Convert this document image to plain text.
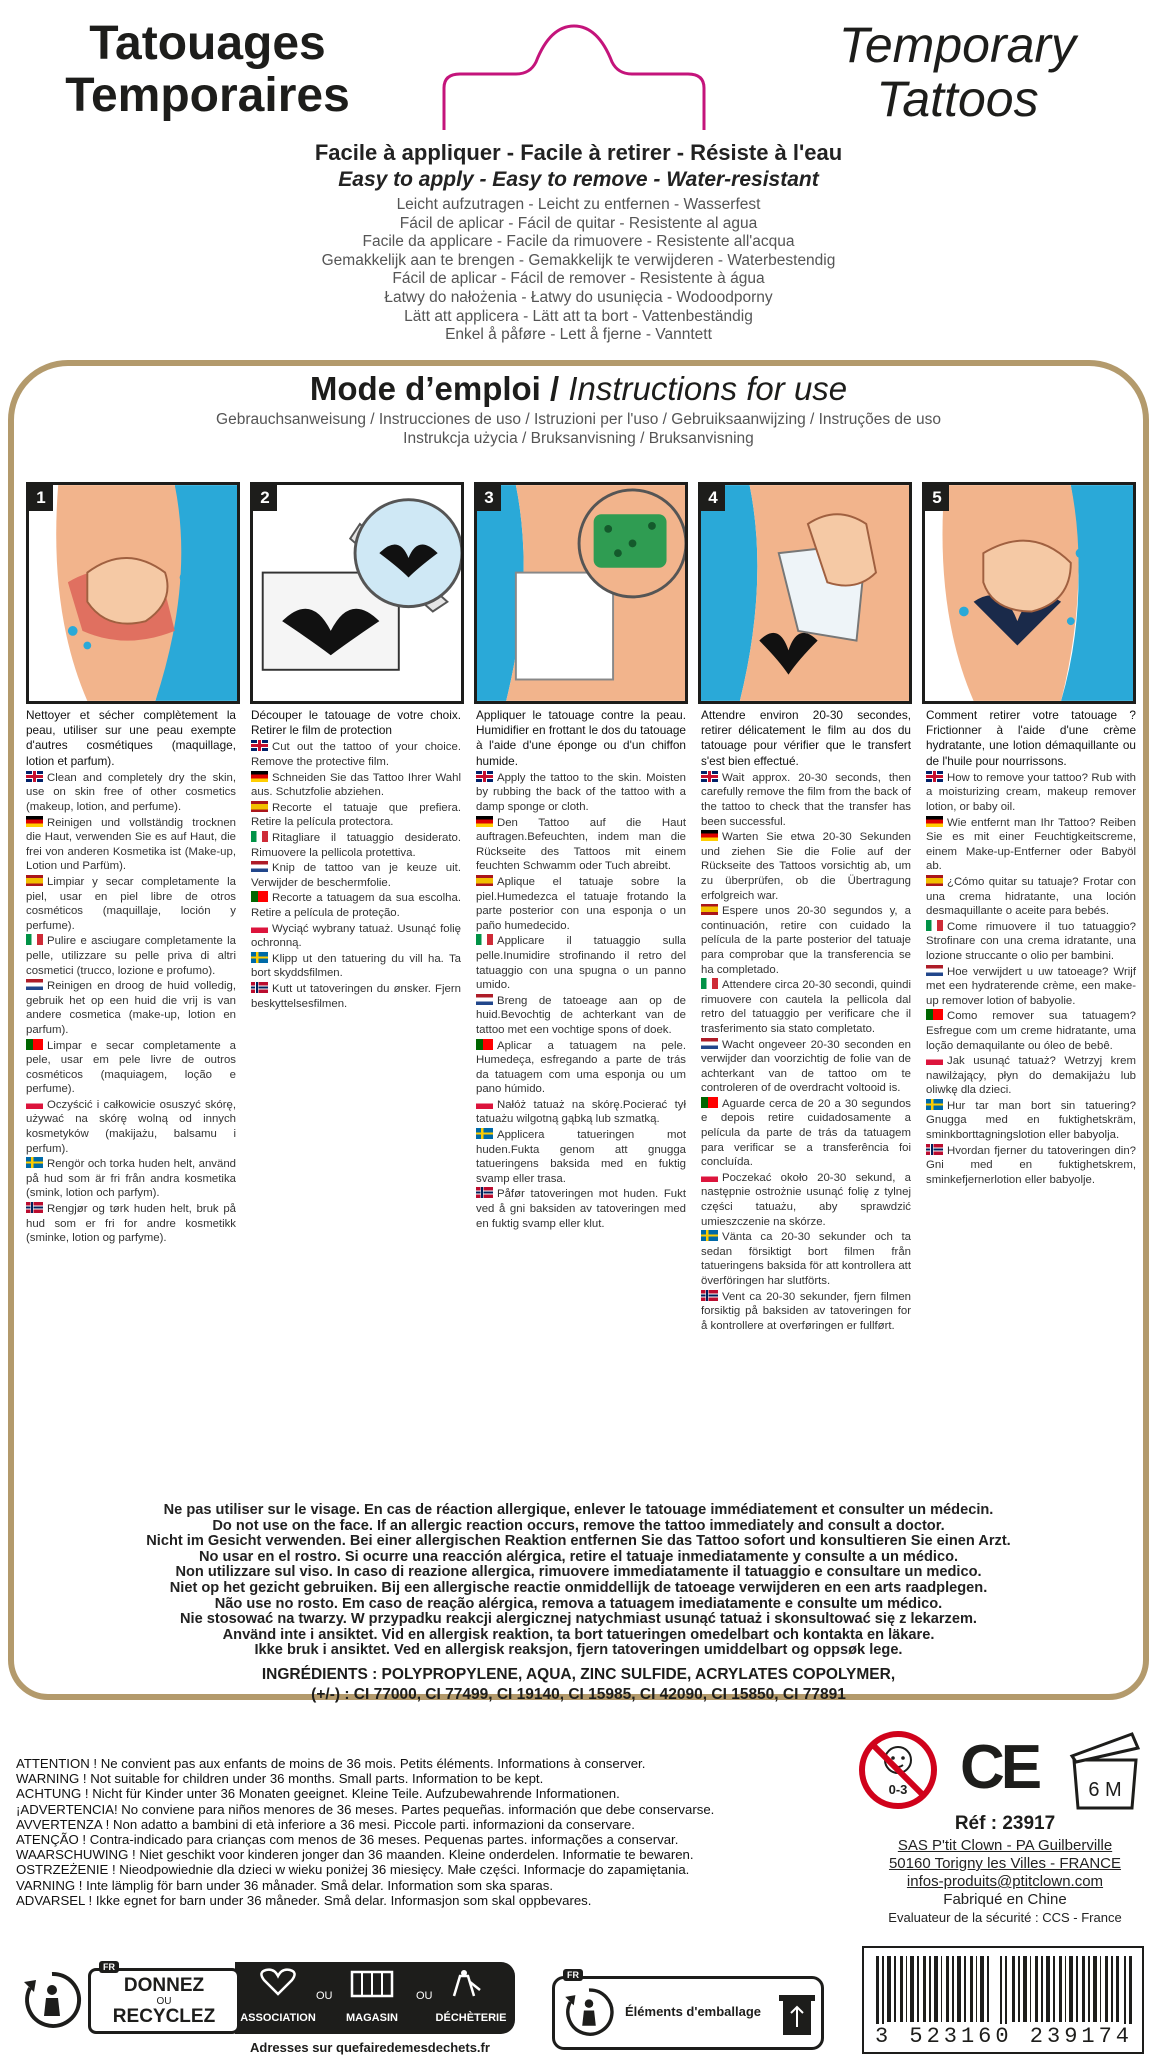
Tatouages
Temporaires
Temporary
Tattoos
Facile à appliquer - Facile à retirer - Résiste à l'eau
Easy to apply - Easy to remove - Water-resistant
Leicht aufzutragen - Leicht zu entfernen - Wasserfest
Fácil de aplicar - Fácil de quitar - Resistente al agua
Facile da applicare - Facile da rimuovere - Resistente all'acqua
Gemakkelijk aan te brengen - Gemakkelijk te verwijderen - Waterbestendig
Fácil de aplicar - Fácil de remover - Resistente à água
Łatwy do nałożenia - Łatwy do usunięcia - Wodoodporny
Lätt att applicera - Lätt att ta bort - Vattenbeständig
Enkel å påføre - Lett å fjerne - Vanntett
Mode d’emploi / Instructions for use
Gebrauchsanweisung / Instrucciones de uso / Istruzioni per l'uso / Gebruiksaanwijzing / Instruções de uso
Instrukcja użycia / Bruksanvisning / Bruksanvisning
1	2	3	4	5
Nettoyer et sécher complètement la peau, utiliser sur une peau exempte d'autres cosmétiques (maquillage, lotion et parfum).
Clean and completely dry the skin, use on skin free of other cosmetics (makeup, lotion, and perfume).
Reinigen und vollständig trocknen die Haut, verwenden Sie es auf Haut, die frei von anderen Kosmetika ist (Make-up, Lotion und Parfüm).
Limpiar y secar completamente la piel, usar en piel libre de otros cosméticos (maquillaje, loción y perfume).
Pulire e asciugare completamente la pelle, utilizzare su pelle priva di altri cosmetici (trucco, lozione e profumo).
Reinigen en droog de huid volledig, gebruik het op een huid die vrij is van andere cosmetica (make-up, lotion en parfum).
Limpar e secar completamente a pele, usar em pele livre de outros cosméticos (maquiagem, loção e perfume).
Oczyścić i całkowicie osuszyć skórę, używać na skórę wolną od innych kosmetyków (makijażu, balsamu i perfum).
Rengör och torka huden helt, använd på hud som är fri från andra kosmetika (smink, lotion och parfym).
Rengjør og tørk huden helt, bruk på hud som er fri for andre kosmetikk (sminke, lotion og parfyme).
Découper le tatouage de votre choix. Retirer le film de protection
Cut out the tattoo of your choice. Remove the protective film.
Schneiden Sie das Tattoo Ihrer Wahl aus. Schutzfolie abziehen.
Recorte el tatuaje que prefiera. Retire la película protectora.
Ritagliare il tatuaggio desiderato. Rimuovere la pellicola protettiva.
Knip de tattoo van je keuze uit. Verwijder de beschermfolie.
Recorte a tatuagem da sua escolha. Retire a película de proteção.
Wyciąć wybrany tatuaż. Usunąć folię ochronną.
Klipp ut den tatuering du vill ha. Ta bort skyddsfilmen.
Kutt ut tatoveringen du ønsker. Fjern beskyttelsesfilmen.
Appliquer le tatouage contre la peau. Humidifier en frottant le dos du tatouage à l'aide d'une éponge ou d'un chiffon humide.
Apply the tattoo to the skin. Moisten by rubbing the back of the tattoo with a damp sponge or cloth.
Den Tattoo auf die Haut auftragen.Befeuchten, indem man die Rückseite des Tattoos mit einem feuchten Schwamm oder Tuch abreibt.
Aplique el tatuaje sobre la piel.Humedezca el tatuaje frotando la parte posterior con una esponja o un paño humedecido.
Applicare il tatuaggio sulla pelle.Inumidire strofinando il retro del tatuaggio con una spugna o un panno umido.
Breng de tatoeage aan op de huid.Bevochtig de achterkant van de tattoo met een vochtige spons of doek.
Aplicar a tatuagem na pele. Humedeça, esfregando a parte de trás da tatuagem com uma esponja ou um pano húmido.
Nałóż tatuaż na skórę.Pocierać tył tatuażu wilgotną gąbką lub szmatką.
Applicera tatueringen mot huden.Fukta genom att gnugga tatueringens baksida med en fuktig svamp eller trasa.
Påfør tatoveringen mot huden. Fukt ved å gni baksiden av tatoveringen med en fuktig svamp eller klut.
Attendre environ 20-30 secondes, retirer délicatement le film au dos du tatouage pour vérifier que le transfert s'est bien effectué.
Wait approx. 20-30 seconds, then carefully remove the film from the back of the tattoo to check that the transfer has been successful.
Warten Sie etwa 20-30 Sekunden und ziehen Sie die Folie auf der Rückseite des Tattoos vorsichtig ab, um zu überprüfen, ob die Übertragung erfolgreich war.
Espere unos 20-30 segundos y, a continuación, retire con cuidado la película de la parte posterior del tatuaje para comprobar que la transferencia se ha completado.
Attendere circa 20-30 secondi, quindi rimuovere con cautela la pellicola dal retro del tatuaggio per verificare che il trasferimento sia stato completato.
Wacht ongeveer 20-30 seconden en verwijder dan voorzichtig de folie van de achterkant van de tattoo om te controleren of de overdracht voltooid is.
Aguarde cerca de 20 a 30 segundos e depois retire cuidadosamente a película da parte de trás da tatuagem para verificar se a transferência foi concluída.
Poczekać około 20-30 sekund, a następnie ostrożnie usunąć folię z tylnej części tatuażu, aby sprawdzić umieszczenie na skórze.
Vänta ca 20-30 sekunder och ta sedan försiktigt bort filmen från tatueringens baksida för att kontrollera att överföringen har slutförts.
Vent ca 20-30 sekunder, fjern filmen forsiktig på baksiden av tatoveringen for å kontrollere at overføringen er fullført.
Comment retirer votre tatouage ? Frictionner à l'aide d'une crème hydratante, une lotion démaquillante ou de l'huile pour nourrissons.
How to remove your tattoo? Rub with a moisturizing cream, makeup remover lotion, or baby oil.
Wie entfernt man Ihr Tattoo? Reiben Sie es mit einer Feuchtigkeitscreme, einem Make-up-Entferner oder Babyöl ab.
¿Cómo quitar su tatuaje? Frotar con una crema hidratante, una loción desmaquillante o aceite para bebés.
Come rimuovere il tuo tatuaggio? Strofinare con una crema idratante, una lozione struccante o olio per bambini.
Hoe verwijdert u uw tatoeage? Wrijf met een hydraterende crème, een make-up remover lotion of babyolie.
Como remover sua tatuagem? Esfregue com um creme hidratante, uma loção demaquilante ou óleo de bebê.
Jak usunąć tatuaż? Wetrzyj krem nawilżający, płyn do demakijażu lub oliwkę dla dzieci.
Hur tar man bort sin tatuering? Gnugga med en fuktighetskräm, sminkborttagningslotion eller babyolja.
Hvordan fjerner du tatoveringen din? Gni med en fuktighetskrem, sminkefjernerlotion eller babyolje.
Ne pas utiliser sur le visage. En cas de réaction allergique, enlever le tatouage immédiatement et consulter un médecin.
Do not use on the face. If an allergic reaction occurs, remove the tattoo immediately and consult a doctor.
Nicht im Gesicht verwenden. Bei einer allergischen Reaktion entfernen Sie das Tattoo sofort und konsultieren Sie einen Arzt.
No usar en el rostro. Si ocurre una reacción alérgica, retire el tatuaje inmediatamente y consulte a un médico.
Non utilizzare sul viso. In caso di reazione allergica, rimuovere immediatamente il tatuaggio e consultare un medico.
Niet op het gezicht gebruiken. Bij een allergische reactie onmiddellijk de tatoeage verwijderen en een arts raadplegen.
Não use no rosto. Em caso de reação alérgica, remova a tatuagem imediatamente e consulte um médico.
Nie stosować na twarzy. W przypadku reakcji alergicznej natychmiast usunąć tatuaż i skonsultować się z lekarzem.
Använd inte i ansiktet. Vid en allergisk reaktion, ta bort tatueringen omedelbart och kontakta en läkare.
Ikke bruk i ansiktet. Ved en allergisk reaksjon, fjern tatoveringen umiddelbart og oppsøk lege.
INGRÉDIENTS : POLYPROPYLENE, AQUA, ZINC SULFIDE, ACRYLATES COPOLYMER,
(+/-) : CI 77000, CI 77499, CI 19140, CI 15985, CI 42090, CI 15850, CI 77891
ATTENTION ! Ne convient pas aux enfants de moins de 36 mois. Petits éléments. Informations à conserver.
WARNING ! Not suitable for children under 36 months. Small parts. Information to be kept.
ACHTUNG ! Nicht für Kinder unter 36 Monaten geeignet. Kleine Teile. Aufzubewahrende Informationen.
¡ADVERTENCIA! No conviene para niños menores de 36 meses. Partes pequeñas. información que debe conservarse.
AVVERTENZA ! Non adatto a bambini di età inferiore a 36 mesi. Piccole parti. informazioni da conservare.
ATENÇÃO ! Contra-indicado para crianças com menos de 36 meses. Pequenas partes. informações a conservar.
WAARSCHUWING ! Niet geschikt voor kinderen jonger dan 36 maanden. Kleine onderdelen. Informatie te bewaren.
OSTRZEŻENIE ! Nieodpowiednie dla dzieci w wieku poniżej 36 miesięcy. Małe części. Informacje do zapamiętania.
VARNING ! Inte lämplig för barn under 36 månader. Små delar. Information som ska sparas.
ADVARSEL ! Ikke egnet for barn under 36 måneder. Små delar. Informasjon som skal oppbevares.
0-3 CE	6 M
Réf : 23917
SAS P'tit Clown - PA Guilberville
50160 Torigny les Villes - FRANCE
infos-produits@ptitclown.com
Fabriqué en Chine
Evaluateur de la sécurité : CCS - France
FR
DONNEZ
OU
RECYCLEZ	ASSOCIATION
OU
MAGASIN
OU
DÉCHÈTERIE
Adresses sur quefairedemesdechets.fr
FR
Éléments d'emballage
3 523160 239174
